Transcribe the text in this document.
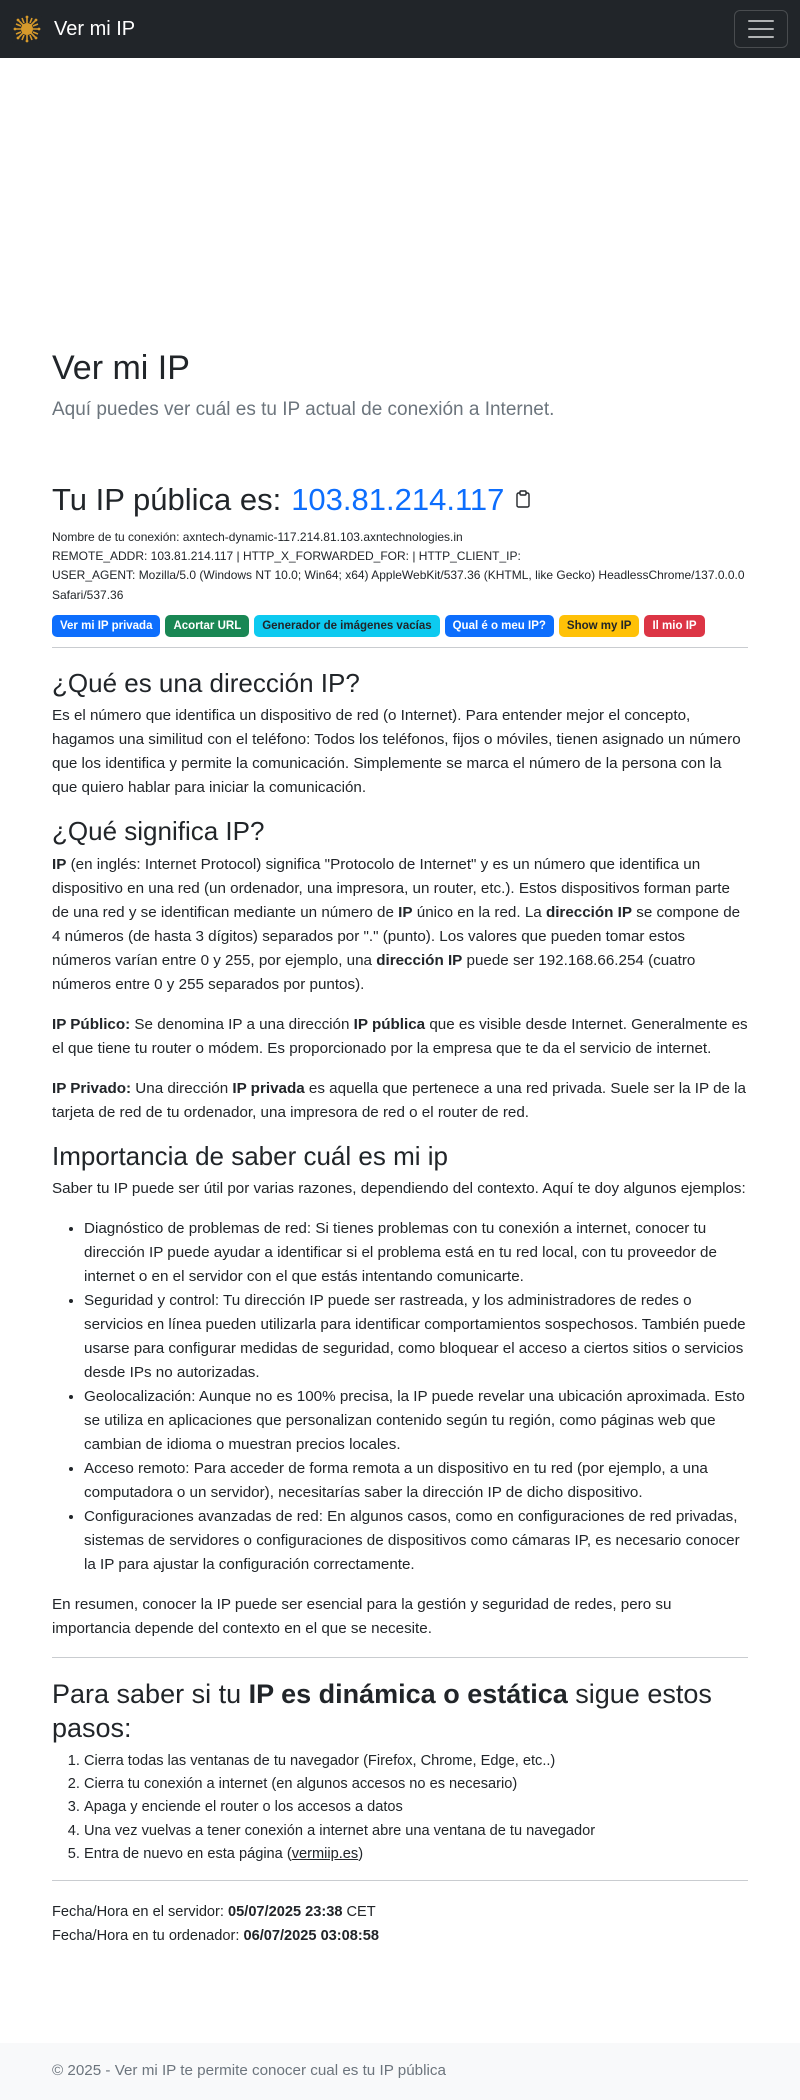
Ver mi IP
Ver mi IP

Aquí puedes ver cuál es tu IP actual de conexión a Internet.

Tu IP pública es: 103.81.214.117
Nombre de tu conexión: axntech-dynamic-117.214.81.103.axntechnologies.in
REMOTE_ADDR: 103.81.214.117 | HTTP_X_FORWARDED_FOR: | HTTP_CLIENT_IP:
USER_AGENT: Mozilla/5.0 (Windows NT 10.0; Win64; x64) AppleWebKit/537.36 (KHTML, like Gecko) HeadlessChrome/137.0.0.0 Safari/537.36
Ver mi IP privada	Acortar URL	Generador de imágenes vacías	Qual é o meu IP?	Show my IP	Il mio IP
¿Qué es una dirección IP?

Es el número que identifica un dispositivo de red (o Internet). Para entender mejor el concepto, hagamos una similitud con el teléfono: Todos los teléfonos, fijos o móviles, tienen asignado un número que los identifica y permite la comunicación. Simplemente se marca el número de la persona con la que quiero hablar para iniciar la comunicación.

¿Qué significa IP?

IP (en inglés: Internet Protocol) significa "Protocolo de Internet" y es un número que identifica un dispositivo en una red (un ordenador, una impresora, un router, etc.). Estos dispositivos forman parte de una red y se identifican mediante un número de IP único en la red. La dirección IP se compone de 4 números (de hasta 3 dígitos) separados por "." (punto). Los valores que pueden tomar estos números varían entre 0 y 255, por ejemplo, una dirección IP puede ser 192.168.66.254 (cuatro números entre 0 y 255 separados por puntos).

IP Público: Se denomina IP a una dirección IP pública que es visible desde Internet. Generalmente es el que tiene tu router o módem. Es proporcionado por la empresa que te da el servicio de internet.

IP Privado: Una dirección IP privada es aquella que pertenece a una red privada. Suele ser la IP de la tarjeta de red de tu ordenador, una impresora de red o el router de red.

Importancia de saber cuál es mi ip

Saber tu IP puede ser útil por varias razones, dependiendo del contexto. Aquí te doy algunos ejemplos:

• Diagnóstico de problemas de red: Si tienes problemas con tu conexión a internet, conocer tu dirección IP puede ayudar a identificar si el problema está en tu red local, con tu proveedor de internet o en el servidor con el que estás intentando comunicarte.
• Seguridad y control: Tu dirección IP puede ser rastreada, y los administradores de redes o servicios en línea pueden utilizarla para identificar comportamientos sospechosos. También puede usarse para configurar medidas de seguridad, como bloquear el acceso a ciertos sitios o servicios desde IPs no autorizadas.
• Geolocalización: Aunque no es 100% precisa, la IP puede revelar una ubicación aproximada. Esto se utiliza en aplicaciones que personalizan contenido según tu región, como páginas web que cambian de idioma o muestran precios locales.
• Acceso remoto: Para acceder de forma remota a un dispositivo en tu red (por ejemplo, a una computadora o un servidor), necesitarías saber la dirección IP de dicho dispositivo.
• Configuraciones avanzadas de red: En algunos casos, como en configuraciones de red privadas, sistemas de servidores o configuraciones de dispositivos como cámaras IP, es necesario conocer la IP para ajustar la configuración correctamente.

En resumen, conocer la IP puede ser esencial para la gestión y seguridad de redes, pero su importancia depende del contexto en el que se necesite.

Para saber si tu IP es dinámica o estática sigue estos pasos:
1. Cierra todas las ventanas de tu navegador (Firefox, Chrome, Edge, etc..)
2. Cierra tu conexión a internet (en algunos accesos no es necesario)
3. Apaga y enciende el router o los accesos a datos
4. Una vez vuelvas a tener conexión a internet abre una ventana de tu navegador
5. Entra de nuevo en esta página (vermiip.es)
Fecha/Hora en el servidor: 05/07/2025 23:38 CET
Fecha/Hora en tu ordenador: 06/07/2025 03:08:58
© 2025 - Ver mi IP te permite conocer cual es tu IP pública
